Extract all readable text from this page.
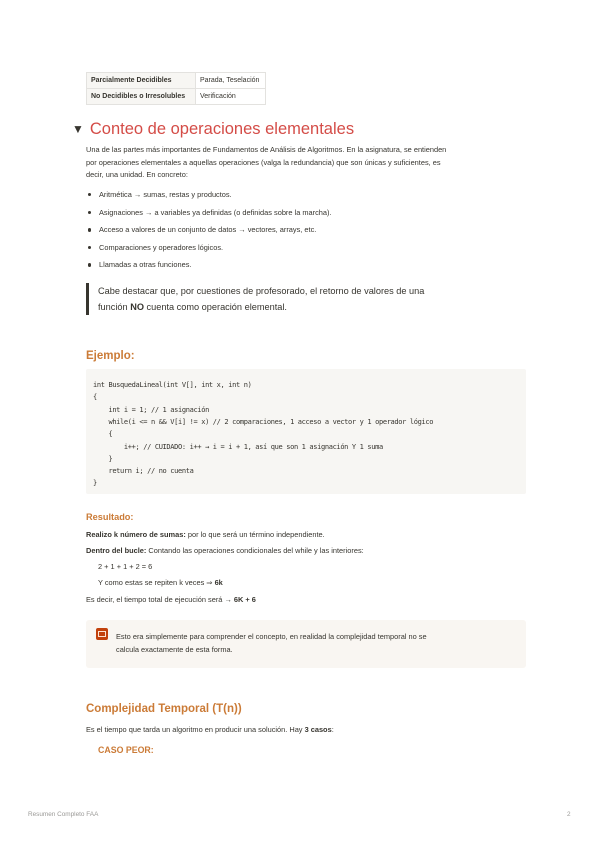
Parcialmente Decidibles	Parada, Teselación
No Decidibles o Irresolubles	Verificación
▼ Conteo de operaciones elementales
Una de las partes más importantes de Fundamentos de Análisis de Algoritmos. En la asignatura, se entienden
por operaciones elementales a aquellas operaciones (valga la redundancia) que son únicas y suficientes, es
decir, una unidad. En concreto:
Aritmética → sumas, restas y productos.
Asignaciones → a variables ya definidas (o definidas sobre la marcha).
Acceso a valores de un conjunto de datos → vectores, arrays, etc.
Comparaciones y operadores lógicos.
Llamadas a otras funciones.
Cabe destacar que, por cuestiones de profesorado, el retorno de valores de una
función NO cuenta como operación elemental.
Ejemplo:
int BusquedaLineal(int V[], int x, int n)
{
int i = 1; // 1 asignación
while(i <= n && V[i] != x) // 2 comparaciones, 1 acceso a vector y 1 operador lógico
{
i++; // CUIDADO: i++ → i = i + 1, así que son 1 asignación Y 1 suma
}
return i; // no cuenta
}
Resultado:
Realizo k número de sumas: por lo que será un término independiente.
Dentro del bucle: Contando las operaciones condicionales del while y las interiores:
2 + 1 + 1 + 2 = 6
Y como estas se repiten k veces ⇒ 6k
Es decir, el tiempo total de ejecución será → 6K + 6
Esto era simplemente para comprender el concepto, en realidad la complejidad temporal no se
calcula exactamente de esta forma.
Complejidad Temporal (T(n))
Es el tiempo que tarda un algoritmo en producir una solución. Hay 3 casos:
CASO PEOR:
Resumen Completo FAA	2
